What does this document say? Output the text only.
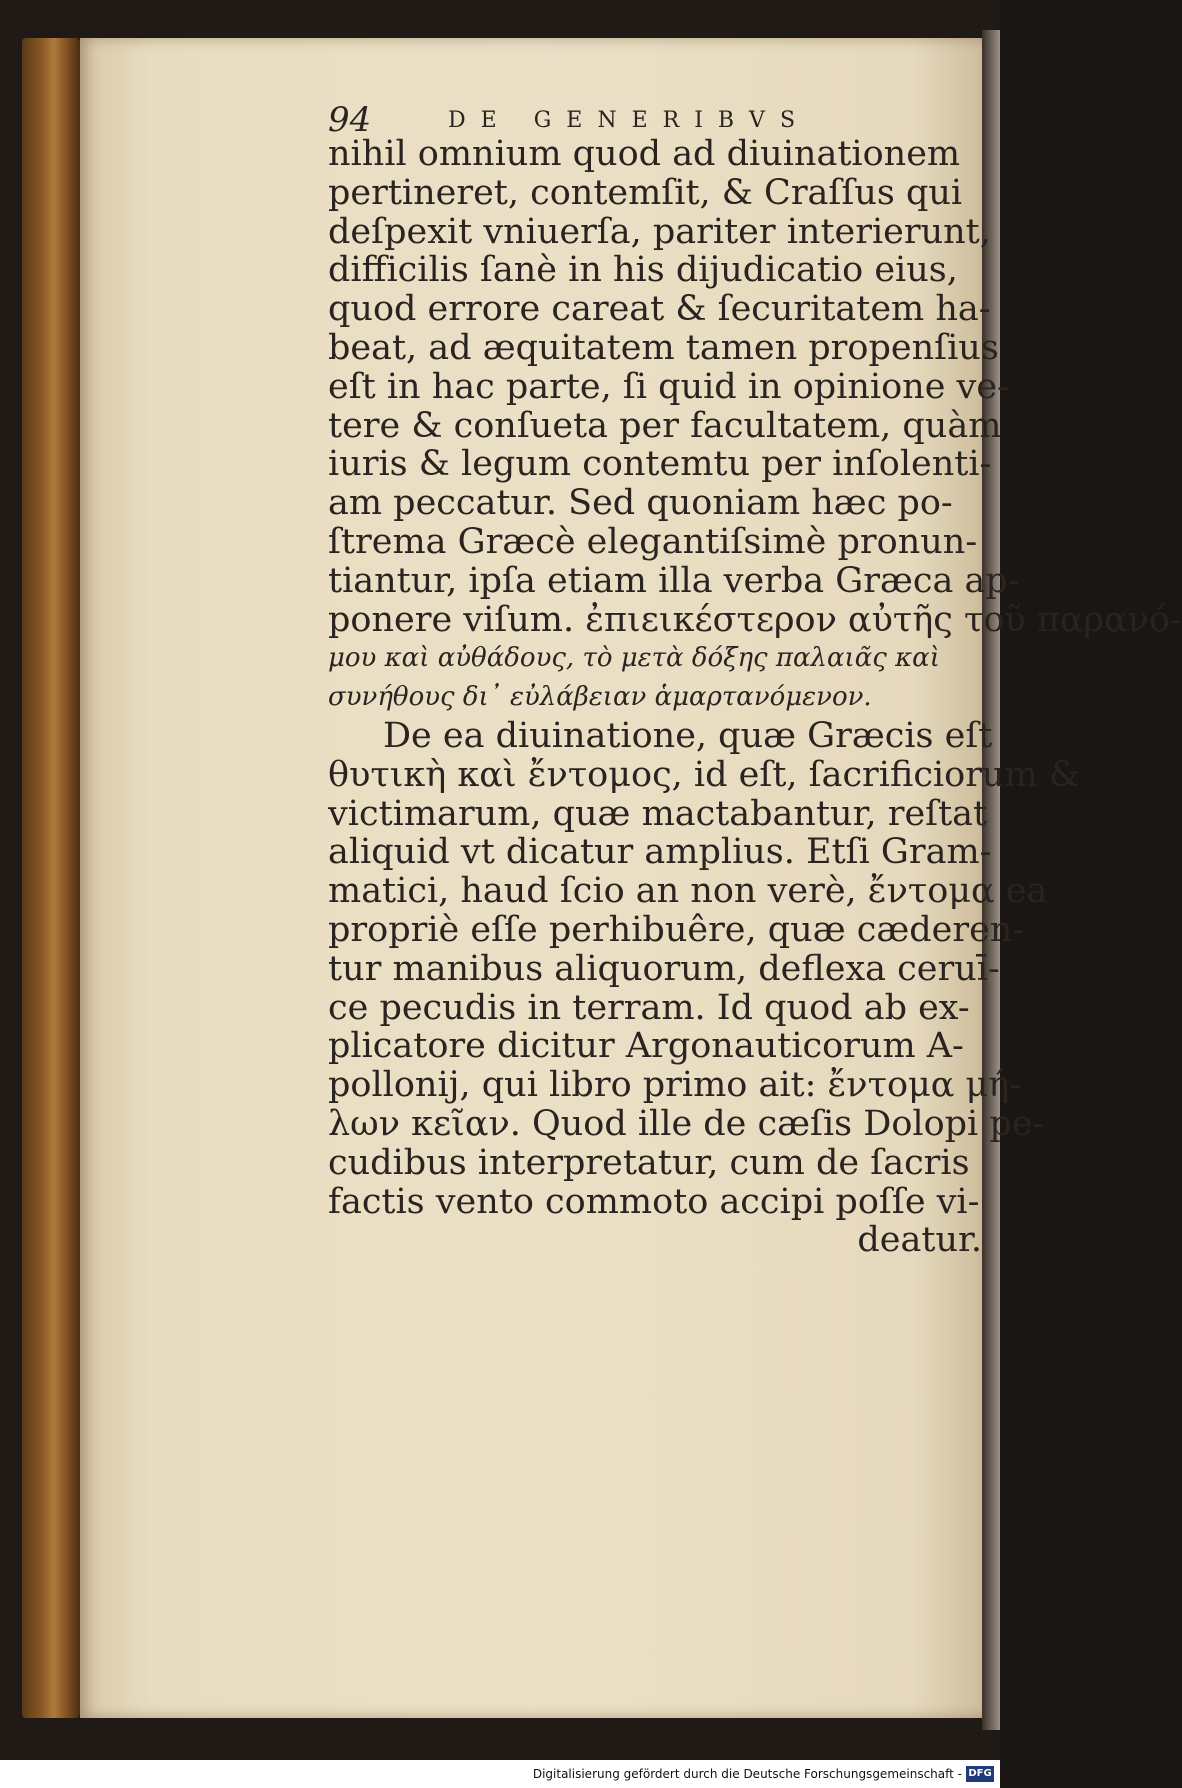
94	DE GENERIBVS
nihil omnium quod ad diuinationem
pertineret, contemſit, & Craſſus qui
deſpexit vniuerſa, pariter interierunt,
difficilis ſanè in his dijudicatio eius,
quod errore careat & ſecuritatem ha-
beat, ad æquitatem tamen propenſius
eſt in hac parte, ſi quid in opinione ve-
tere & conſueta per facultatem, quàm
iuris & legum contemtu per inſolenti-
am peccatur. Sed quoniam hæc po-
ſtrema Græcè elegantiſsimè pronun-
tiantur, ipſa etiam illa verba Græca ap-
ponere viſum. ἐπιεικέστερον αὐτῆς τοῦ παρανό-
μου καὶ αὐθάδους, τὸ μετὰ δόξης παλαιᾶς καὶ
συνήθους δι᾽ εὐλάβειαν ἁμαρτανόμενον.
De ea diuinatione, quæ Græcis eſt
θυτικὴ καὶ ἔντομος, id eſt, ſacrificiorum &
victimarum, quæ mactabantur, reſtat
aliquid vt dicatur amplius. Etſi Gram-
matici, haud ſcio an non verè, ἔντομα ea
propriè eſſe perhibuêre, quæ cæderen-
tur manibus aliquorum, deflexa ceruī-
ce pecudis in terram. Id quod ab ex-
plicatore dicitur Argonauticorum A-
pollonij, qui libro primo ait: ἔντομα μή-
λων κεῖαν. Quod ille de cæſis Dolopi pe-
cudibus interpretatur, cum de ſacris
factis vento commoto accipi poſſe vi-
deatur.
Digitalisierung gefördert durch die Deutsche Forschungsgemeinschaft - DFG
